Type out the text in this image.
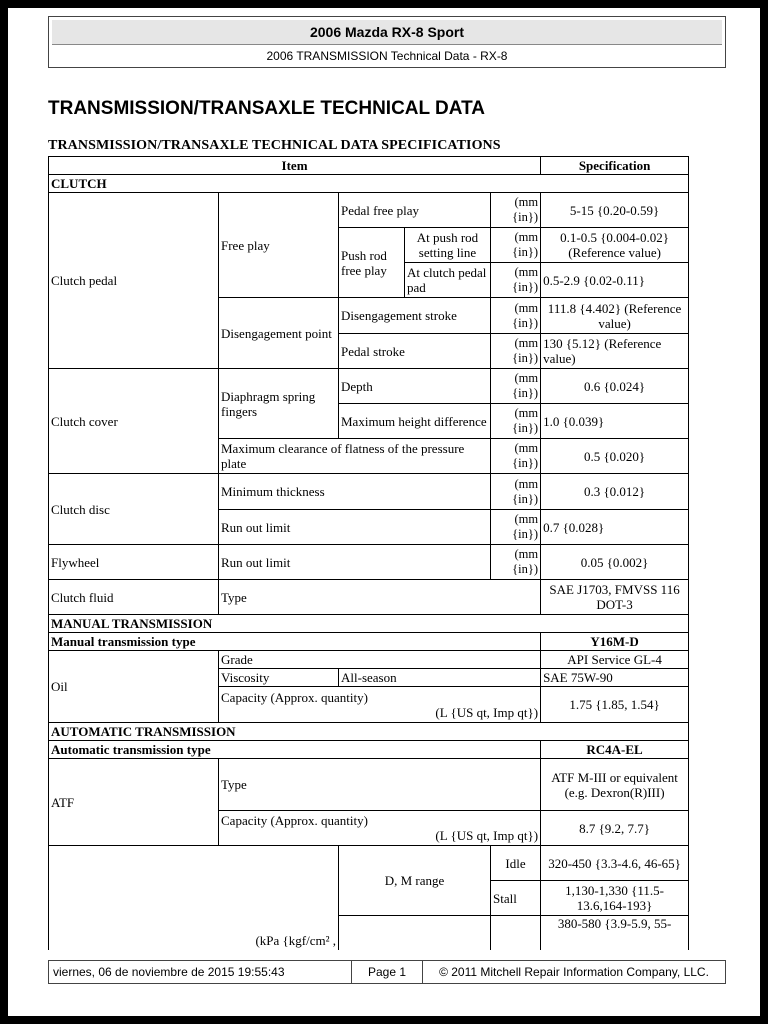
2006 Mazda RX-8 Sport
2006 TRANSMISSION Technical Data - RX-8
TRANSMISSION/TRANSAXLE TECHNICAL DATA
TRANSMISSION/TRANSAXLE TECHNICAL DATA SPECIFICATIONS
Item					Specification
CLUTCH					
Clutch pedal	Free play	Pedal free play		(mm {in})	5-15 {0.20-0.59}
		Push rod free play	At push rod setting line	(mm {in})	0.1-0.5 {0.004-0.02} (Reference value)
			At clutch pedal pad	(mm {in})	0.5-2.9 {0.02-0.11}
	Disengagement point	Disengagement stroke		(mm {in})	111.8 {4.402} (Reference value)
		Pedal stroke		(mm {in})	130 {5.12} (Reference value)
Clutch cover	Diaphragm spring fingers	Depth		(mm {in})	0.6 {0.024}
		Maximum height difference		(mm {in})	1.0 {0.039}
	Maximum clearance of flatness of the pressure plate			(mm {in})	0.5 {0.020}
Clutch disc	Minimum thickness			(mm {in})	0.3 {0.012}
	Run out limit			(mm {in})	0.7 {0.028}
Flywheel	Run out limit			(mm {in})	0.05 {0.002}
Clutch fluid	Type				SAE J1703, FMVSS 116 DOT-3
MANUAL TRANSMISSION					
Manual transmission type					Y16M-D
Oil	Grade				API Service GL-4
	Viscosity	All-season			SAE 75W-90

	Capacity (Approx. quantity)
(L {US qt, Imp qt})				1.75 {1.85, 1.54}
AUTOMATIC TRANSMISSION					
Automatic transmission type					RC4A-EL
ATF	Type				ATF M-III or equivalent (e.g. Dexron(R)III)

	Capacity (Approx. quantity)
(L {US qt, Imp qt})				8.7 {9.2, 7.7}
(kPa {kgf/cm² ,		D, M range		Idle	320-450 {3.3-4.6, 46-65}
				Stall	1,130-1,330 {11.5-13.6,164-193}
					380-580 {3.9-5.9, 55-
viernes, 06 de noviembre de 2015 19:55:43	Page 1	© 2011 Mitchell Repair Information Company, LLC.
